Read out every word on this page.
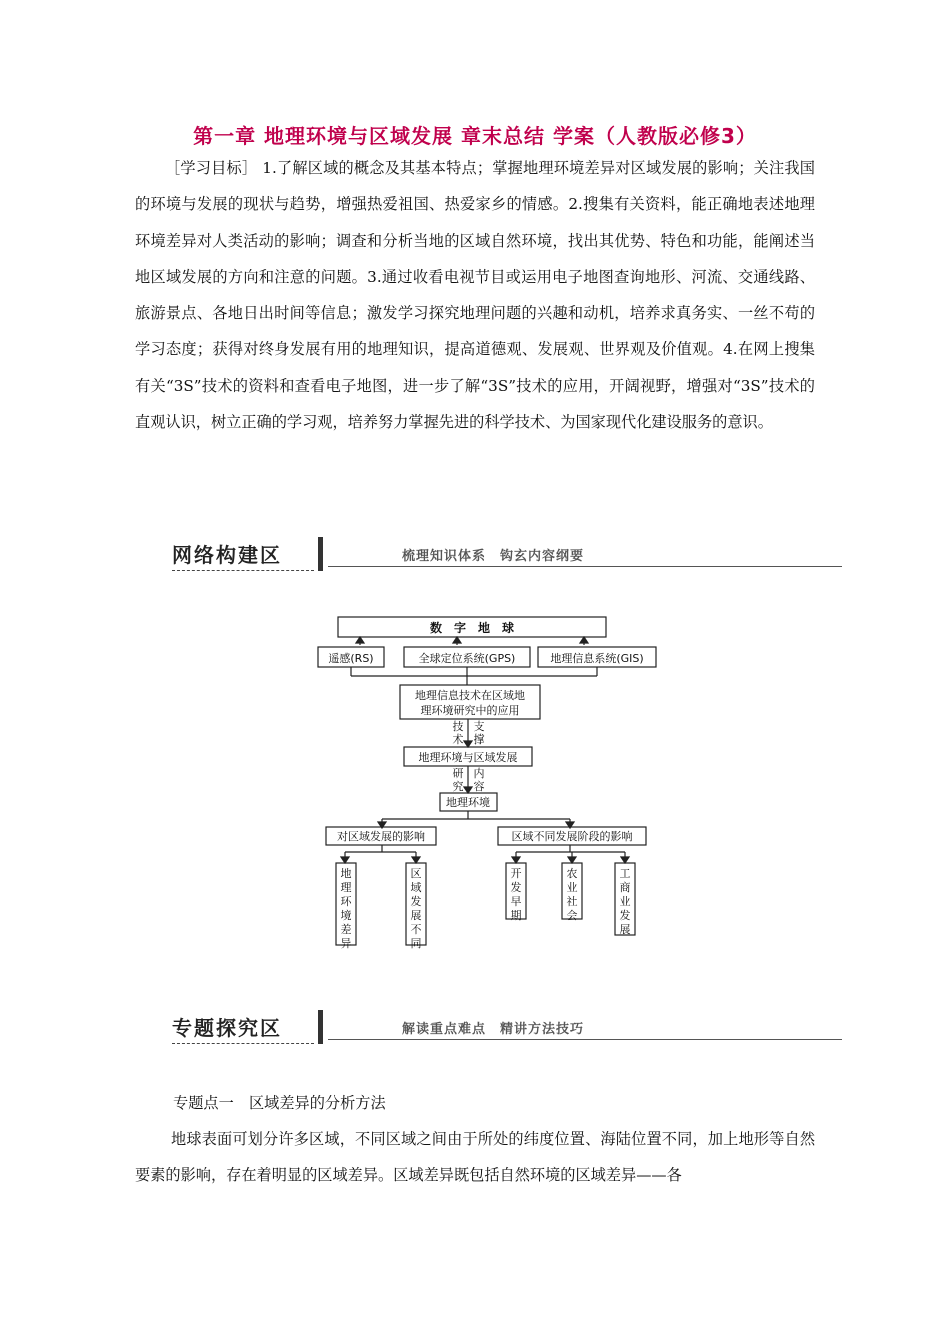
第一章 地理环境与区域发展 章末总结 学案（人教版必修3）

［学习目标］ 1.了解区域的概念及其基本特点；掌握地理环境差异对区域发展的影响；关注我国的环境与发展的现状与趋势，增强热爱祖国、热爱家乡的情感。2.搜集有关资料，能正确地表述地理环境差异对人类活动的影响；调查和分析当地的区域自然环境，找出其优势、特色和功能，能阐述当地区域发展的方向和注意的问题。3.通过收看电视节目或运用电子地图查询地形、河流、交通线路、旅游景点、各地日出时间等信息；激发学习探究地理问题的兴趣和动机，培养求真务实、一丝不苟的学习态度；获得对终身发展有用的地理知识，提高道德观、发展观、世界观及价值观。4.在网上搜集有关“3S”技术的资料和查看电子地图，进一步了解“3S”技术的应用，开阔视野，增强对“3S”技术的直观认识，树立正确的学习观，培养努力掌握先进的科学技术、为国家现代化建设服务的意识。

网络构建区	梳理知识体系　钩玄内容纲要
数　字　地　球
遥感(RS)	全球定位系统(GPS)	地理信息系统(GIS)
地理信息技术在区域地
理环境研究中的应用
技
术
支
撑
地理环境与区域发展
研
究
内
容
地理环境
对区域发展的影响	区域不同发展阶段的影响
地
理
环
境
差
异
区
域
发
展
不
同
开
发
早
期
农
业
社
会
工
商
业
发
展
专题探究区	解读重点难点　精讲方法技巧

专题点一　区域差异的分析方法

地球表面可划分许多区域，不同区域之间由于所处的纬度位置、海陆位置不同，加上地形等自然要素的影响，存在着明显的区域差异。区域差异既包括自然环境的区域差异——各
